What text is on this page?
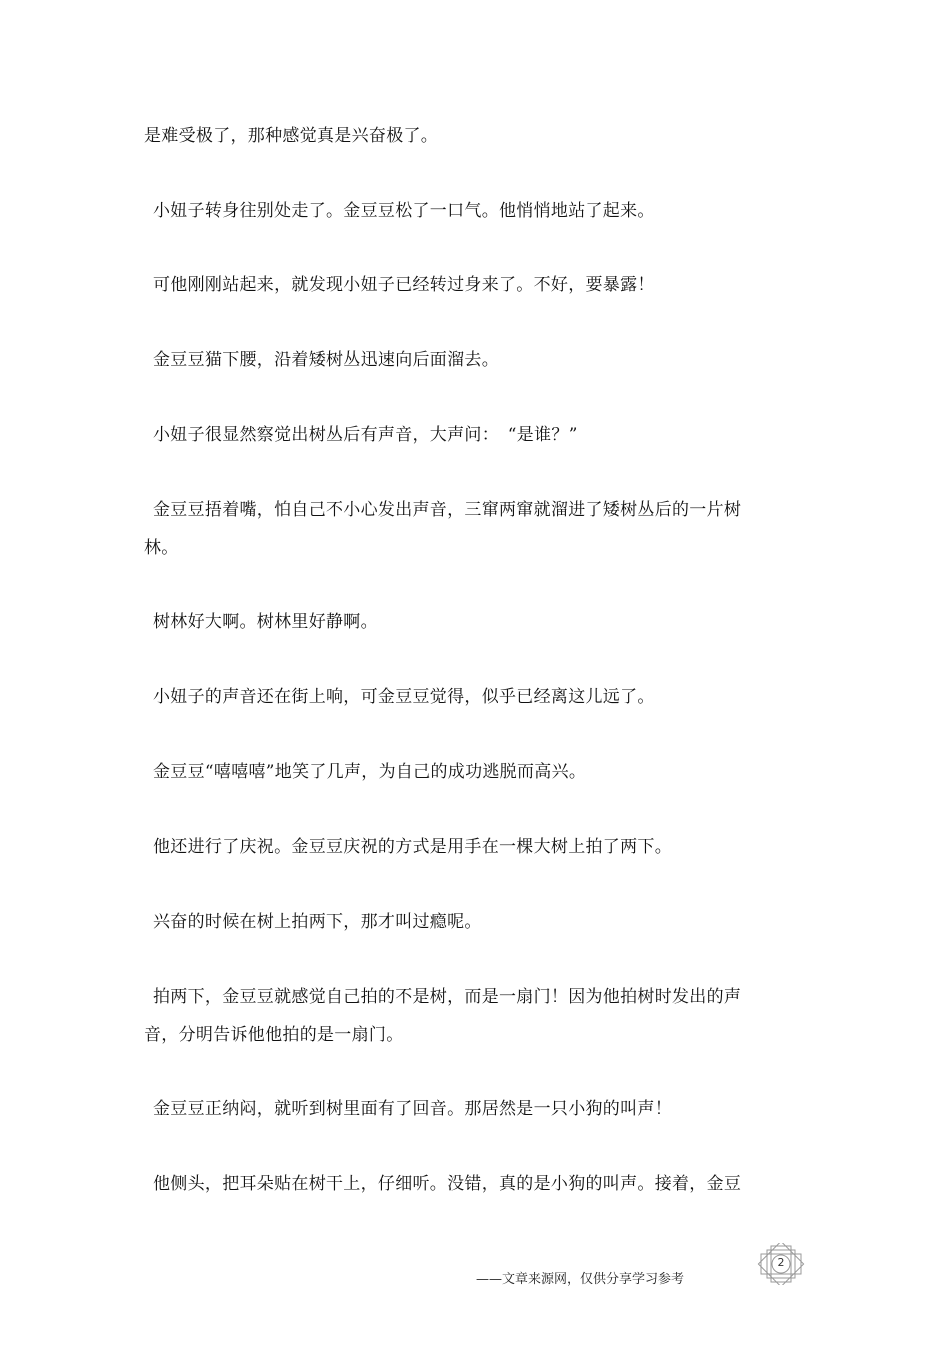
是难受极了，那种感觉真是兴奋极了。

小妞子转身往别处走了。金豆豆松了一口气。他悄悄地站了起来。

可他刚刚站起来，就发现小妞子已经转过身来了。不好，要暴露！

金豆豆猫下腰，沿着矮树丛迅速向后面溜去。

小妞子很显然察觉出树丛后有声音，大声问：　“是谁？”

金豆豆捂着嘴，怕自己不小心发出声音，三窜两窜就溜进了矮树丛后的一片树林。

树林好大啊。树林里好静啊。

小妞子的声音还在街上响，可金豆豆觉得，似乎已经离这儿远了。

金豆豆“嘻嘻嘻”地笑了几声，为自己的成功逃脱而高兴。

他还进行了庆祝。金豆豆庆祝的方式是用手在一棵大树上拍了两下。

兴奋的时候在树上拍两下，那才叫过瘾呢。

拍两下，金豆豆就感觉自己拍的不是树，而是一扇门！因为他拍树时发出的声音，分明告诉他他拍的是一扇门。

金豆豆正纳闷，就听到树里面有了回音。那居然是一只小狗的叫声！

他侧头，把耳朵贴在树干上，仔细听。没错，真的是小狗的叫声。接着，金豆

——文章来源网，仅供分享学习参考
2
